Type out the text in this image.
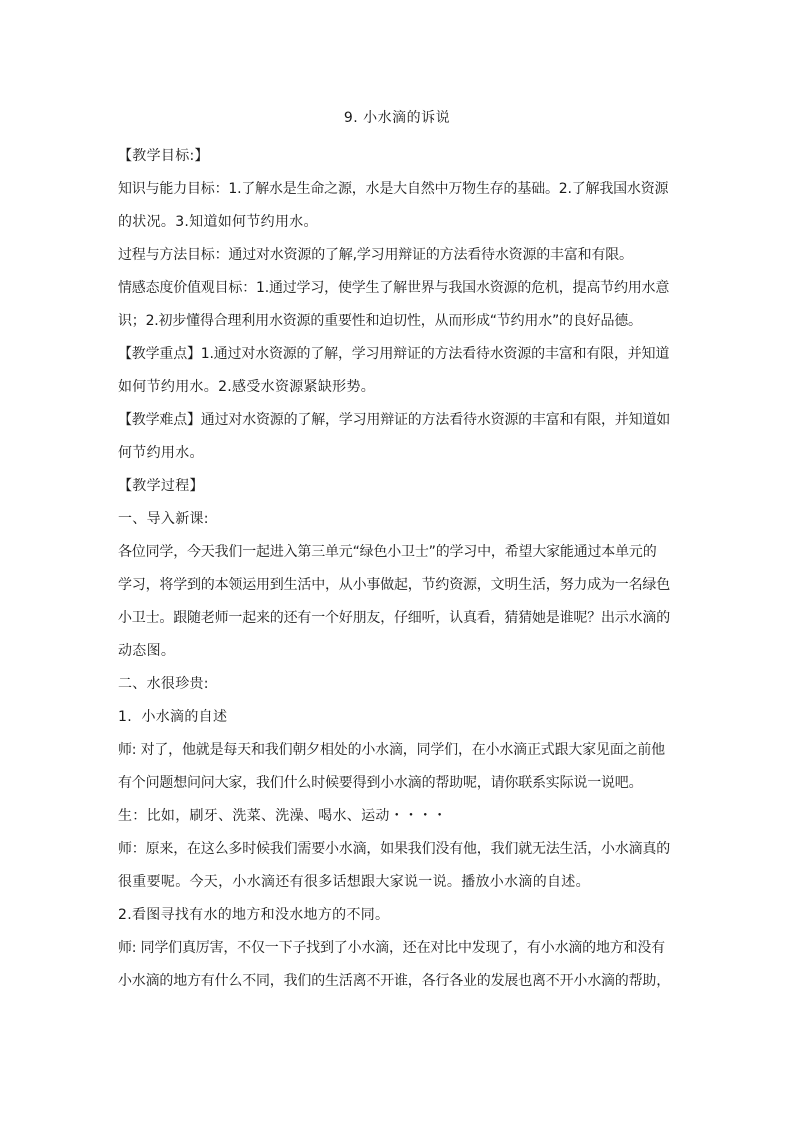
9. 小水滴的诉说

【教学目标:】

知识与能力目标：1.了解水是生命之源，水是大自然中万物生存的基础。2.了解我国水资源

的状况。3.知道如何节约用水。

过程与方法目标：通过对水资源的了解,学习用辩证的方法看待水资源的丰富和有限。

情感态度价值观目标：1.通过学习，使学生了解世界与我国水资源的危机，提高节约用水意

识；2.初步懂得合理利用水资源的重要性和迫切性，从而形成“节约用水”的良好品德。

【教学重点】1.通过对水资源的了解，学习用辩证的方法看待水资源的丰富和有限，并知道

如何节约用水。2.感受水资源紧缺形势。

【教学难点】通过对水资源的了解，学习用辩证的方法看待水资源的丰富和有限，并知道如

何节约用水。

【教学过程】

一、导入新课:

各位同学，今天我们一起进入第三单元“绿色小卫士”的学习中，希望大家能通过本单元的

学习，将学到的本领运用到生活中，从小事做起，节约资源，文明生活，努力成为一名绿色

小卫士。跟随老师一起来的还有一个好朋友，仔细听，认真看，猜猜她是谁呢？出示水滴的

动态图。

二、水很珍贵:

1.  小水滴的自述

师: 对了，他就是每天和我们朝夕相处的小水滴，同学们，在小水滴正式跟大家见面之前他

有个问题想问问大家，我们什么时候要得到小水滴的帮助呢，请你联系实际说一说吧。

生：比如，刷牙、洗菜、洗澡、喝水、运动・・・・

师：原来，在这么多时候我们需要小水滴，如果我们没有他，我们就无法生活，小水滴真的

很重要呢。今天，小水滴还有很多话想跟大家说一说。播放小水滴的自述。

2.看图寻找有水的地方和没水地方的不同。

师: 同学们真厉害，不仅一下子找到了小水滴，还在对比中发现了，有小水滴的地方和没有

小水滴的地方有什么不同，我们的生活离不开谁，各行各业的发展也离不开小水滴的帮助，
